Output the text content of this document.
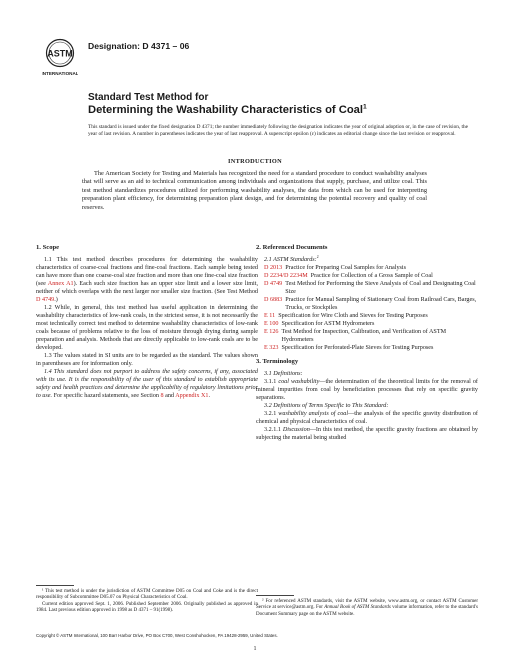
ASTM
INTERNATIONAL
Designation: D 4371 – 06
Standard Test Method for
Determining the Washability Characteristics of Coal$^1$
This standard is issued under the fixed designation D 4371; the number immediately following the designation indicates the year of original adoption or, in the case of revision, the year of last revision. A number in parentheses indicates the year of last reapproval. A superscript epsilon (ε) indicates an editorial change since the last revision or reapproval.
INTRODUCTION
The American Society for Testing and Materials has recognized the need for a standard procedure to conduct washability analyses that will serve as an aid to technical communication among individuals and organizations that supply, purchase, and utilize coal. This test method standardizes procedures utilized for performing washability analyses, the data from which can be used for interpreting preparation plant efficiency, for determining preparation plant design, and for determining the potential recovery and quality of coal reserves.
1. Scope

1.1 This test method describes procedures for determining the washability characteristics of coarse-coal fractions and fine-coal fractions. Each sample being tested can have more than one coarse-coal size fraction and more than one fine-coal size fraction (see Annex A1). Each such size fraction has an upper size limit and a lower size limit, neither of which overlaps with the next larger nor smaller size fraction. (See Test Method D 4749.)

1.2 While, in general, this test method has useful application in determining the washability characteristics of low-rank coals, in the strictest sense, it is not necessarily the most technically correct test method to determine washability characteristics of low-rank coals because of problems relative to the loss of moisture through drying during sample preparation and analysis. Methods that are directly applicable to low-rank coals are to be developed.

1.3 The values stated in SI units are to be regarded as the standard. The values shown in parentheses are for information only.

1.4 This standard does not purport to address the safety concerns, if any, associated with its use. It is the responsibility of the user of this standard to establish appropriate safety and health practices and determine the applicability of regulatory limitations prior to use. For specific hazard statements, see Section 8 and Appendix X1.

2. Referenced Documents

2.1 ASTM Standards:$^2$

D 2013 Practice for Preparing Coal Samples for Analysis
D 2234/D 2234M Practice for Collection of a Gross Sample of Coal
D 4749 Test Method for Performing the Sieve Analysis of Coal and Designating Coal Size
D 6883 Practice for Manual Sampling of Stationary Coal from Railroad Cars, Barges, Trucks, or Stockpiles
E 11 Specification for Wire Cloth and Sieves for Testing Purposes
E 100 Specification for ASTM Hydrometers
E 126 Test Method for Inspection, Calibration, and Verification of ASTM Hydrometers
E 323 Specification for Perforated-Plate Sieves for Testing Purposes
3. Terminology

3.1 Definitions:

3.1.1 coal washability—the determination of the theoretical limits for the removal of mineral impurities from coal by beneficiation processes that rely on specific gravity separations.

3.2 Definitions of Terms Specific to This Standard:

3.2.1 washability analysis of coal—the analysis of the specific gravity distribution of chemical and physical characteristics of coal.

3.2.1.1 Discussion—In this test method, the specific gravity fractions are obtained by subjecting the material being studied

¹ This test method is under the jurisdiction of ASTM Committee D05 on Coal and Coke and is the direct responsibility of Subcommittee D05.07 on Physical Characteristics of Coal.

Current edition approved Sept. 1, 2006. Published September 2006. Originally published as approved in 1984. Last previous edition approved in 1998 as D 4371 – 91(1998).

² For referenced ASTM standards, visit the ASTM website, www.astm.org, or contact ASTM Customer Service at service@astm.org. For Annual Book of ASTM Standards volume information, refer to the standard's Document Summary page on the ASTM website.

Copyright © ASTM International, 100 Barr Harbor Drive, PO Box C700, West Conshohocken, PA 19428-2959, United States.
1
